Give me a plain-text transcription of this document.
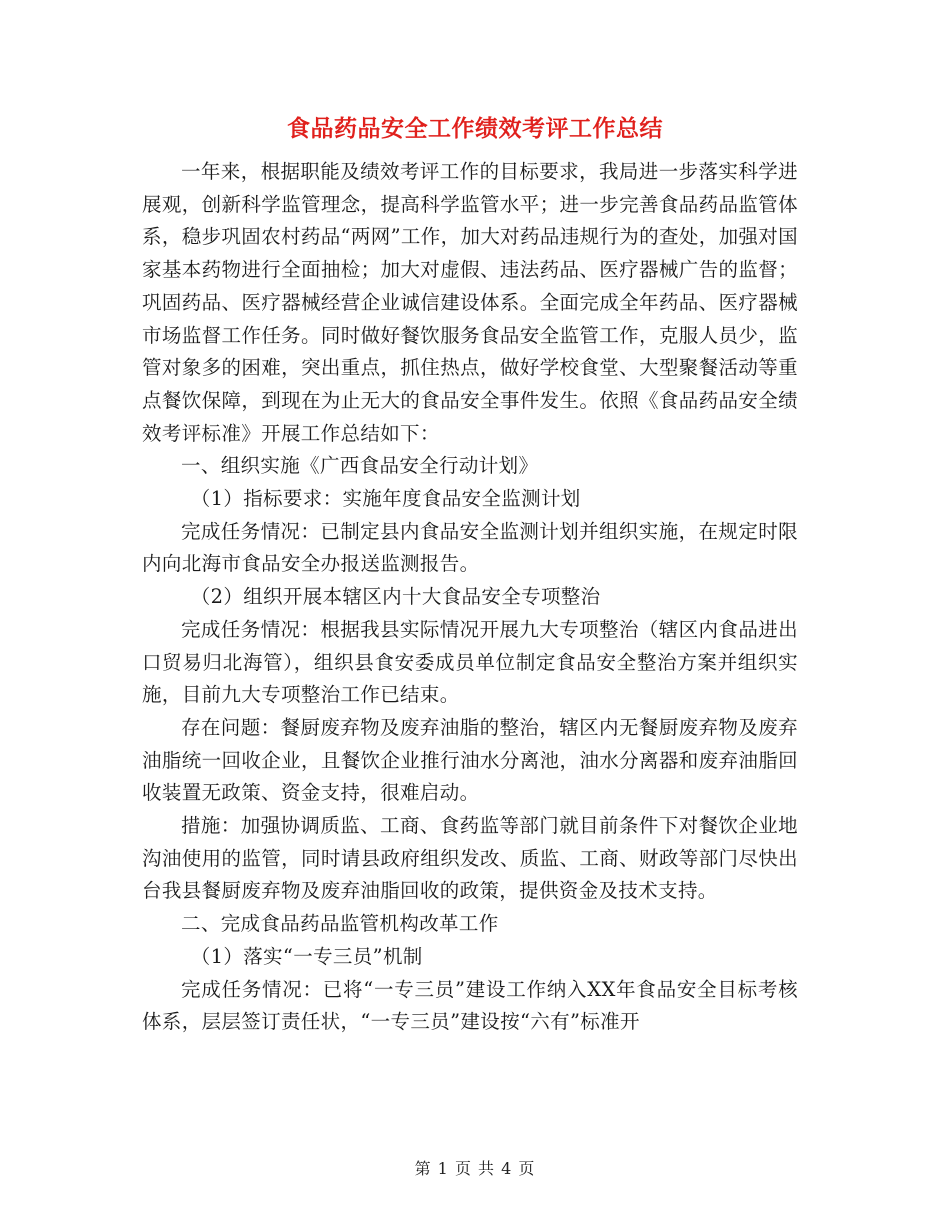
食品药品安全工作绩效考评工作总结

一年来，根据职能及绩效考评工作的目标要求，我局进一步落实科学进展观，创新科学监管理念，提高科学监管水平；进一步完善食品药品监管体系，稳步巩固农村药品“两网”工作，加大对药品违规行为的查处，加强对国家基本药物进行全面抽检；加大对虚假、违法药品、医疗器械广告的监督；巩固药品、医疗器械经营企业诚信建设体系。全面完成全年药品、医疗器械市场监督工作任务。同时做好餐饮服务食品安全监管工作，克服人员少，监管对象多的困难，突出重点，抓住热点，做好学校食堂、大型聚餐活动等重点餐饮保障，到现在为止无大的食品安全事件发生。依照《食品药品安全绩效考评标准》开展工作总结如下：

一、组织实施《广西食品安全行动计划》

（1）指标要求：实施年度食品安全监测计划

完成任务情况：已制定县内食品安全监测计划并组织实施，在规定时限内向北海市食品安全办报送监测报告。

（2）组织开展本辖区内十大食品安全专项整治

完成任务情况：根据我县实际情况开展九大专项整治（辖区内食品进出口贸易归北海管），组织县食安委成员单位制定食品安全整治方案并组织实施，目前九大专项整治工作已结束。

存在问题：餐厨废弃物及废弃油脂的整治，辖区内无餐厨废弃物及废弃油脂统一回收企业，且餐饮企业推行油水分离池，油水分离器和废弃油脂回收装置无政策、资金支持，很难启动。

措施：加强协调质监、工商、食药监等部门就目前条件下对餐饮企业地沟油使用的监管，同时请县政府组织发改、质监、工商、财政等部门尽快出台我县餐厨废弃物及废弃油脂回收的政策，提供资金及技术支持。

二、完成食品药品监管机构改革工作

（1）落实“一专三员”机制

完成任务情况：已将“一专三员”建设工作纳入XX年食品安全目标考核体系，层层签订责任状，“一专三员”建设按“六有”标准开

第 1 页 共 4 页
